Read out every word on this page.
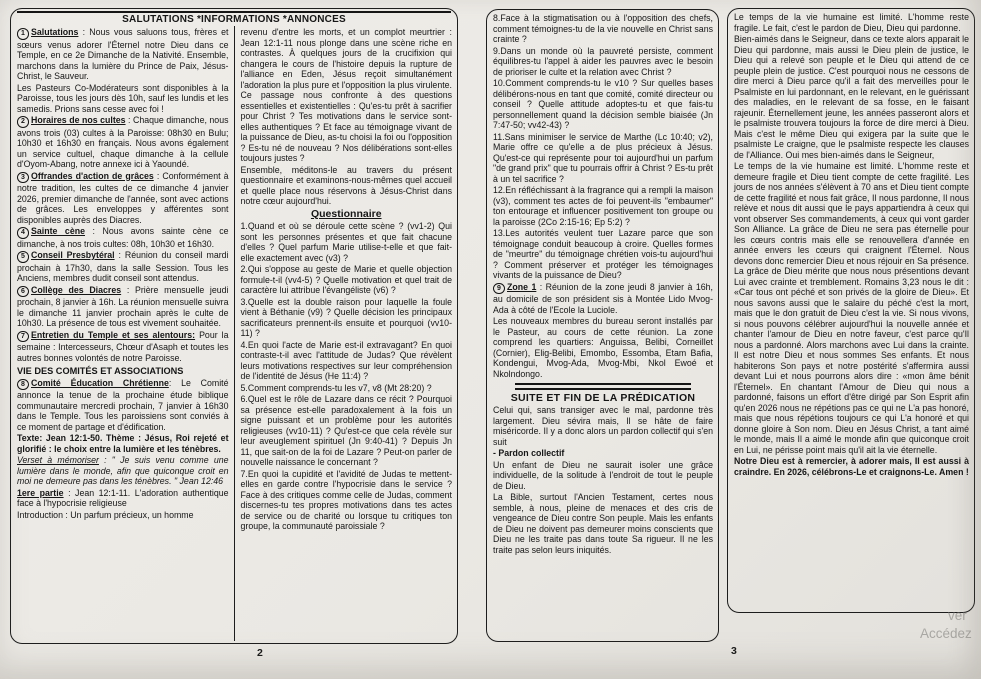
SALUTATIONS *INFORMATIONS *ANNONCES

1 Salutations : Nous vous saluons tous, frères et sœurs venus adorer l'Éternel notre Dieu dans ce Temple, en ce 2e Dimanche de la Nativité. Ensemble, marchons dans la lumière du Prince de Paix, Jésus-Christ, le Sauveur.

Les Pasteurs Co-Modérateurs sont disponibles à la Paroisse, tous les jours dès 10h, sauf les lundis et les samedis. Prions sans cesse avec foi !

2 Horaires de nos cultes : Chaque dimanche, nous avons trois (03) cultes à la Paroisse: 08h30 en Bulu; 10h30 et 16h30 en français. Nous avons également un service cultuel, chaque dimanche à la cellule d'Oyom-Abang, notre annexe ici à Yaoundé.

3 Offrandes d'action de grâces : Conformément à notre tradition, les cultes de ce dimanche 4 janvier 2026, premier dimanche de l'année, sont avec actions de grâces. Les enveloppes y afférentes sont disponibles auprès des Diacres.

4 Sainte cène : Nous avons sainte cène ce dimanche, à nos trois cultes: 08h, 10h30 et 16h30.

5 Conseil Presbytéral : Réunion du conseil mardi prochain à 17h30, dans la salle Session. Tous les Anciens, membres dudit conseil sont attendus.

6 Collège des Diacres : Prière mensuelle jeudi prochain, 8 janvier à 16h. La réunion mensuelle suivra le dimanche 11 janvier prochain après le culte de 10h30. La présence de tous est vivement souhaitée.

7 Entretien du Temple et ses alentours: Pour la semaine : Intercesseurs, Chœur d'Asaph et toutes les autres bonnes volontés de notre Paroisse.

VIE DES COMITÉS ET ASSOCIATIONS

8 Comité Éducation Chrétienne: Le Comité annonce la tenue de la prochaine étude biblique communautaire mercredi prochain, 7 janvier à 16h30 dans le Temple. Tous les paroissiens sont conviés à ce moment de partage et d'édification.

Texte: Jean 12:1-50. Thème : Jésus, Roi rejeté et glorifié : le choix entre la lumière et les ténèbres.

Verset à mémoriser : " Je suis venu comme une lumière dans le monde, afin que quiconque croit en moi ne demeure pas dans les ténèbres. " Jean 12:46

1ere partie : Jean 12:1-11. L'adoration authentique face à l'hypocrisie religieuse

Introduction : Un parfum précieux, un homme

revenu d'entre les morts, et un complot meurtrier : Jean 12:1-11 nous plonge dans une scène riche en contrastes. À quelques jours de la crucifixion qui changera le cours de l'histoire depuis la rupture de l'alliance en Eden, Jésus reçoit simultanément l'adoration la plus pure et l'opposition la plus virulente. Ce passage nous confronte à des questions essentielles et existentielles : Qu'es-tu prêt à sacrifier pour Christ ? Tes motivations dans le service sont-elles authentiques ? Et face au témoignage vivant de la puissance de Dieu, as-tu choisi la foi ou l'opposition ? Es-tu né de nouveau ? Nos délibérations sont-elles toujours justes ?

Ensemble, méditons-le au travers du présent questionnaire et examinons-nous-mêmes quel accueil et quelle place nous réservons à Jésus-Christ dans notre cœur aujourd'hui.

Questionnaire

1.Quand et où se déroule cette scène ? (vv1-2) Qui sont les personnes présentes et que fait chacune d'elles ? Quel parfum Marie utilise-t-elle et que fait-elle exactement avec (v3) ?

2.Qui s'oppose au geste de Marie et quelle objection formule-t-il (vv4-5) ? Quelle motivation et quel trait de caractère lui attribue l'évangéliste (v6) ?

3.Quelle est la double raison pour laquelle la foule vient à Béthanie (v9) ? Quelle décision les principaux sacrificateurs prennent-ils ensuite et pourquoi (vv10-11) ?

4.En quoi l'acte de Marie est-il extravagant? En quoi contraste-t-il avec l'attitude de Judas? Que révèlent leurs motivations respectives sur leur compréhension de l'identité de Jésus (He 11:4) ?

5.Comment comprends-tu les v7, v8 (Mt 28:20) ?

6.Quel est le rôle de Lazare dans ce récit ? Pourquoi sa présence est-elle paradoxalement à la fois un signe puissant et un problème pour les autorités religieuses (vv10-11) ? Qu'est-ce que cela révèle sur leur aveuglement spirituel (Jn 9:40-41) ? Depuis Jn 11, que sait-on de la foi de Lazare ? Peut-on parler de nouvelle naissance le concernant ?

7.En quoi la cupidité et l'avidité de Judas te mettent-elles en garde contre l'hypocrisie dans le service ? Face à des critiques comme celle de Judas, comment discernes-tu tes propres motivations dans tes actes de service ou de charité ou lorsque tu critiques ton groupe, la communauté paroissiale ?

8.Face à la stigmatisation ou à l'opposition des chefs, comment témoignes-tu de la vie nouvelle en Christ sans crainte ?

9.Dans un monde où la pauvreté persiste, comment équilibres-tu l'appel à aider les pauvres avec le besoin de prioriser le culte et la relation avec Christ ?

10.Comment comprends-tu le v10 ? Sur quelles bases délibérons-nous en tant que comité, comité directeur ou conseil ? Quelle attitude adoptes-tu et que fais-tu personnellement quand la décision semble biaisée (Jn 7:47-50; vv42-43) ?

11.Sans minimiser le service de Marthe (Lc 10:40; v2), Marie offre ce qu'elle a de plus précieux à Jésus. Qu'est-ce qui représente pour toi aujourd'hui un parfum "de grand prix" que tu pourrais offrir à Christ ? Es-tu prêt à un tel sacrifice ?

12.En réfléchissant à la fragrance qui a rempli la maison (v3), comment tes actes de foi peuvent-ils "embaumer" ton entourage et influencer positivement ton groupe ou la paroisse (2Co 2:15-16; Ep 5:2) ?

13.Les autorités veulent tuer Lazare parce que son témoignage conduit beaucoup à croire. Quelles formes de "meurtre" du témoignage chrétien vois-tu aujourd'hui ? Comment préserver et protéger les témoignages vivants de la puissance de Dieu?

9 Zone 1 : Réunion de la zone jeudi 8 janvier à 16h, au domicile de son président sis à Montée Lido Mvog-Ada à côté de l'Ecole la Luciole.

Les nouveaux membres du bureau seront installés par le Pasteur, au cours de cette réunion. La zone comprend les quartiers: Anguissa, Belibi, Corneillet (Cornier), Elig-Belibi, Emombo, Essomba, Etam Bafia, Kondengui, Mvog-Ada, Mvog-Mbi, Nkol Ewoé et Nkolndongo.

SUITE ET FIN DE LA PRÉDICATION

Celui qui, sans transiger avec le mal, pardonne très largement. Dieu sévira mais, Il se hâte de faire miséricorde. Il y a donc alors un pardon collectif qui s'en suit

- Pardon collectif

Un enfant de Dieu ne saurait isoler une grâce individuelle, de la solitude à l'endroit de tout le peuple de Dieu.

La Bible, surtout l'Ancien Testament, certes nous semble, à nous, pleine de menaces et des cris de vengeance de Dieu contre Son peuple. Mais les enfants de Dieu ne doivent pas demeurer moins conscients que Dieu ne les traite pas dans toute Sa rigueur. Il ne les traite pas selon leurs iniquités.

Le temps de la vie humaine est limité. L'homme reste fragile. Le fait, c'est le pardon de Dieu, Dieu qui pardonne.

Bien-aimés dans le Seigneur, dans ce texte alors apparait le Dieu qui pardonne, mais aussi le Dieu plein de justice, le Dieu qui a relevé son peuple et le Dieu qui attend de ce peuple plein de justice. C'est pourquoi nous ne cessons de dire merci à Dieu parce qu'il a fait des merveilles pour le Psalmiste en lui pardonnant, en le relevant, en le guérissant des maladies, en le relevant de sa fosse, en le faisant rajeunir. Éternellement jeune, les années passeront alors et le psalmiste trouvera toujours la force de dire merci à Dieu. Mais c'est le même Dieu qui exigera par la suite que le psalmiste Le craigne, que le psalmiste respecte les clauses de l'Alliance. Oui mes bien-aimés dans le Seigneur,

Le temps de la vie humaine est limité. L'homme reste et demeure fragile et Dieu tient compte de cette fragilité. Les jours de nos années s'élèvent à 70 ans et Dieu tient compte de cette fragilité et nous fait grâce, Il nous pardonne, Il nous relève et nous dit aussi que le pays appartiendra à ceux qui vont observer Ses commandements, à ceux qui vont garder Son Alliance. La grâce de Dieu ne sera pas éternelle pour les cœurs contris mais elle se renouvellera d'année en année envers les cœurs qui craignent l'Éternel. Nous devons donc remercier Dieu et nous réjouir en Sa présence. La grâce de Dieu mérite que nous nous présentions devant Lui avec crainte et tremblement. Romains 3,23 nous le dit : «Car tous ont péché et son privés de la gloire de Dieu». Et nous savons aussi que le salaire du péché c'est la mort, mais que le don gratuit de Dieu c'est la vie. Si nous vivons, si nous pouvons célébrer aujourd'hui la nouvelle année et chanter l'amour de Dieu en notre faveur, c'est parce qu'Il nous a pardonné. Alors marchons avec Lui dans la crainte. Il est notre Dieu et nous sommes Ses enfants. Et nous habiterons Son pays et notre postérité s'affermira aussi devant Lui et nous pourrons alors dire : «mon âme bénit l'Éternel». En chantant l'Amour de Dieu qui nous a pardonné, faisons un effort d'être dirigé par Son Esprit afin qu'en 2026 nous ne répétions pas ce qui ne L'a pas honoré, mais que nous répétions toujours ce qui L'a honoré et qui donne gloire à Son nom. Dieu en Jésus Christ, a tant aimé le monde, mais Il a aimé le monde afin que quiconque croit en Lui, ne périsse point mais qu'il ait la vie éternelle.

Notre Dieu est à remercier, à adorer mais, Il est aussi à craindre. En 2026, célébrons-Le et craignons-Le. Amen !

2	3
ver
Accédez
